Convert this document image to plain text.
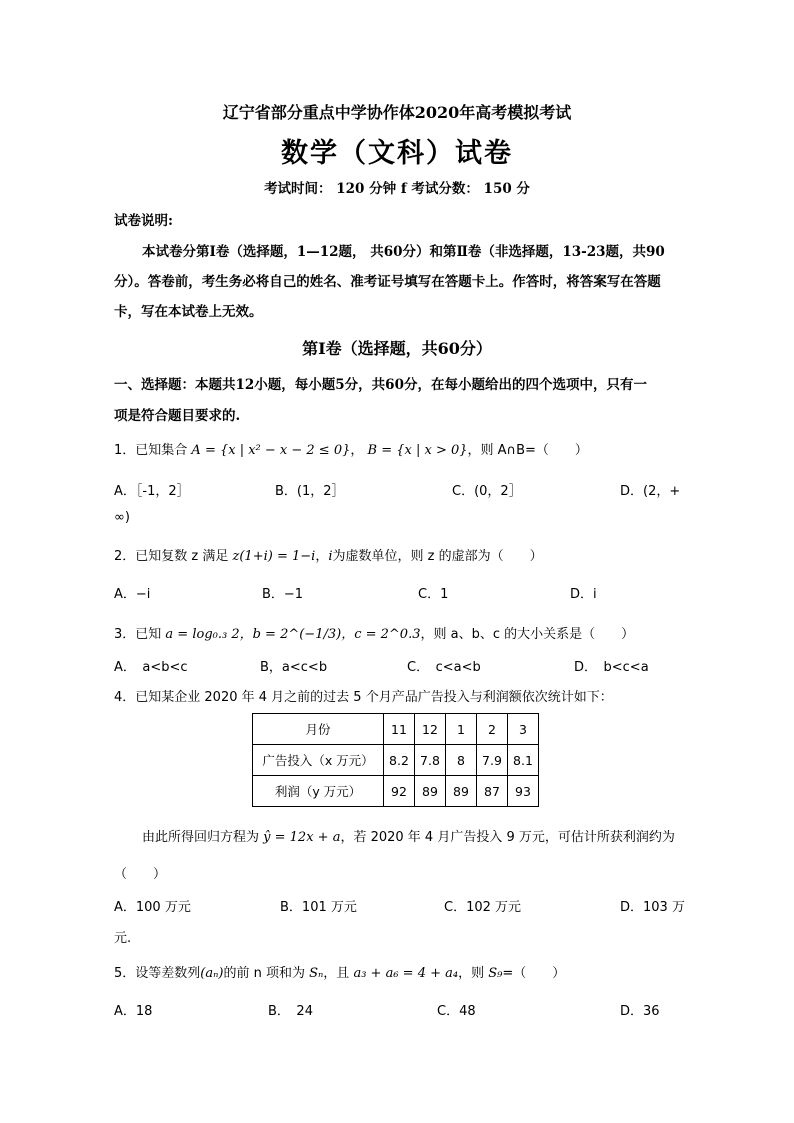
辽宁省部分重点中学协作体2020年高考模拟考试
数学（文科）试卷
考试时间： 120 分钟 f 考试分数： 150 分
试卷说明:
本试卷分第Ⅰ卷（选择题，1—12题， 共60分）和第Ⅱ卷（非选择题，13-23题，共90
分）。答卷前，考生务必将自己的姓名、准考证号填写在答题卡上。作答时，将答案写在答题
卡，写在本试卷上无效。
第Ⅰ卷（选择题，共60分）
一、选择题：本题共12小题，每小题5分，共60分，在每小题给出的四个选项中，只有一
项是符合题目要求的.
1．已知集合 A = {x | x² − x − 2 ≤ 0}， B = {x | x > 0}，则 A∩B=（　　）
A．［-1，2］	B．(1，2］	C．(0，2］	D．(2，+
∞)
2．已知复数 z 满足 z(1+i) = 1−i，i为虚数单位，则 z 的虚部为（　　）
A．−i	B．−1	C．1	D．i
3．已知 a = log₀.₃ 2，b = 2^(−1/3)，c = 2^0.3，则 a、b、c 的大小关系是（　　）
A．　a<b<c	B，a<c<b	C．　c<a<b	D．　b<c<a
4．已知某企业 2020 年 4 月之前的过去 5 个月产品广告投入与利润额依次统计如下：
月份	11	12	1	2	3
广告投入（x 万元）	8.2	7.8	8	7.9	8.1
利润（y 万元）	92	89	89	87	93
由此所得回归方程为 ŷ = 12x + a，若 2020 年 4 月广告投入 9 万元，可估计所获利润约为
（　　）
A．100 万元	B．101 万元	C．102 万元	D．103 万
元.
5．设等差数列(aₙ)的前 n 项和为 Sₙ，且 a₃ + a₆ = 4 + a₄，则 S₉=（　　）
A．18	B．　24	C．48	D．36
